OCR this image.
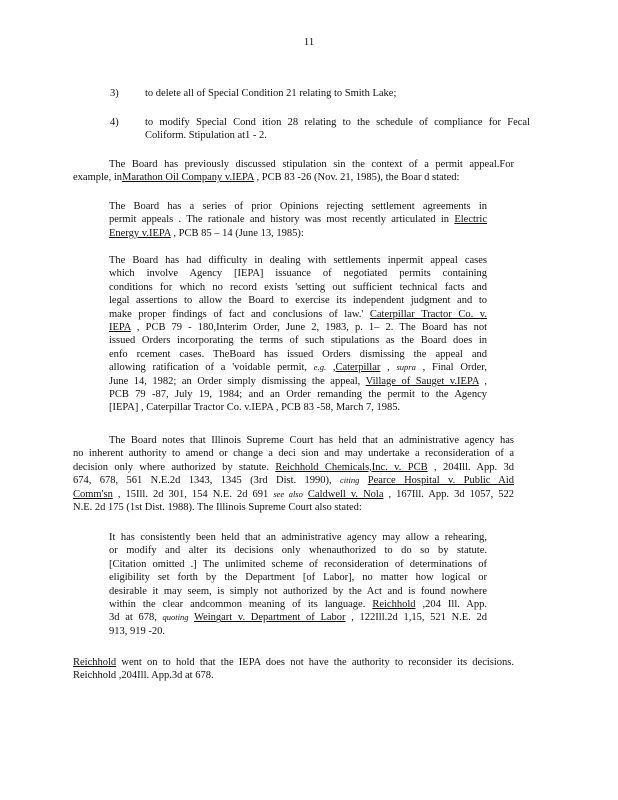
11
3)	to delete all of Special Condition 21 relating to Smith Lake;
4)	to modify Special Cond ition 28 relating to the schedule of compliance for Fecal
Coliform. Stipulation at1 - 2.
The Board has previously discussed stipulation sin the context of a permit appeal.For
example, inMarathon Oil Company v.IEPA , PCB 83 -26 (Nov. 21, 1985), the Boar d stated:
The Board has a series of prior Opinions rejecting settlement agreements in
permit appeals . The rationale and history was most recently articulated in Electric
Energy v.IEPA , PCB 85 – 14 (June 13, 1985):
The Board has had difficulty in dealing with settlements inpermit appeal cases
which involve Agency [IEPA] issuance of negotiated permits containing
conditions for which no record exists 'setting out sufficient technical facts and
legal assertions to allow the Board to exercise its independent judgment and to
make proper findings of fact and conclusions of law.' Caterpillar Tractor Co. v.
IEPA , PCB 79 - 180,Interim Order, June 2, 1983, p. 1– 2. The Board has not
issued Orders incorporating the terms of such stipulations as the Board does in
enfo rcement cases. TheBoard has issued Orders dismissing the appeal and
allowing ratification of a 'voidable permit, e.g. ,Caterpillar , supra , Final Order,
June 14, 1982; an Order simply dismissing the appeal, Village of Sauget v.IEPA ,
PCB 79 -87, July 19, 1984; and an Order remanding the permit to the Agency
[IEPA] , Caterpillar Tractor Co. v.IEPA , PCB 83 -58, March 7, 1985.
The Board notes that Illinois Supreme Court has held that an administrative agency has
no inherent authority to amend or change a deci sion and may undertake a reconsideration of a
decision only where authorized by statute. Reichhold Chemicals,Inc. v. PCB , 204Ill. App. 3d
674, 678, 561 N.E.2d 1343, 1345 (3rd Dist. 1990), citing Pearce Hospital v. Public Aid
Comm'sn , 15Ill. 2d 301, 154 N.E. 2d 691 see also Caldwell v. Nola , 167Ill. App. 3d 1057, 522
N.E. 2d 175 (1st Dist. 1988). The Illinois Supreme Court also stated:
It has consistently been held that an administrative agency may allow a rehearing,
or modify and alter its decisions only whenauthorized to do so by statute.
[Citation omitted .] The unlimited scheme of reconsideration of determinations of
eligibility set forth by the Department [of Labor], no matter how logical or
desirable it may seem, is simply not authorized by the Act and is found nowhere
within the clear andcommon meaning of its language. Reichhold ,204 Ill. App.
3d at 678, quoting Weingart v. Department of Labor , 122Ill.2d 1,15, 521 N.E. 2d
913, 919 -20.
Reichhold went on to hold that the IEPA does not have the authority to reconsider its decisions.
Reichhold ,204Ill. App.3d at 678.
